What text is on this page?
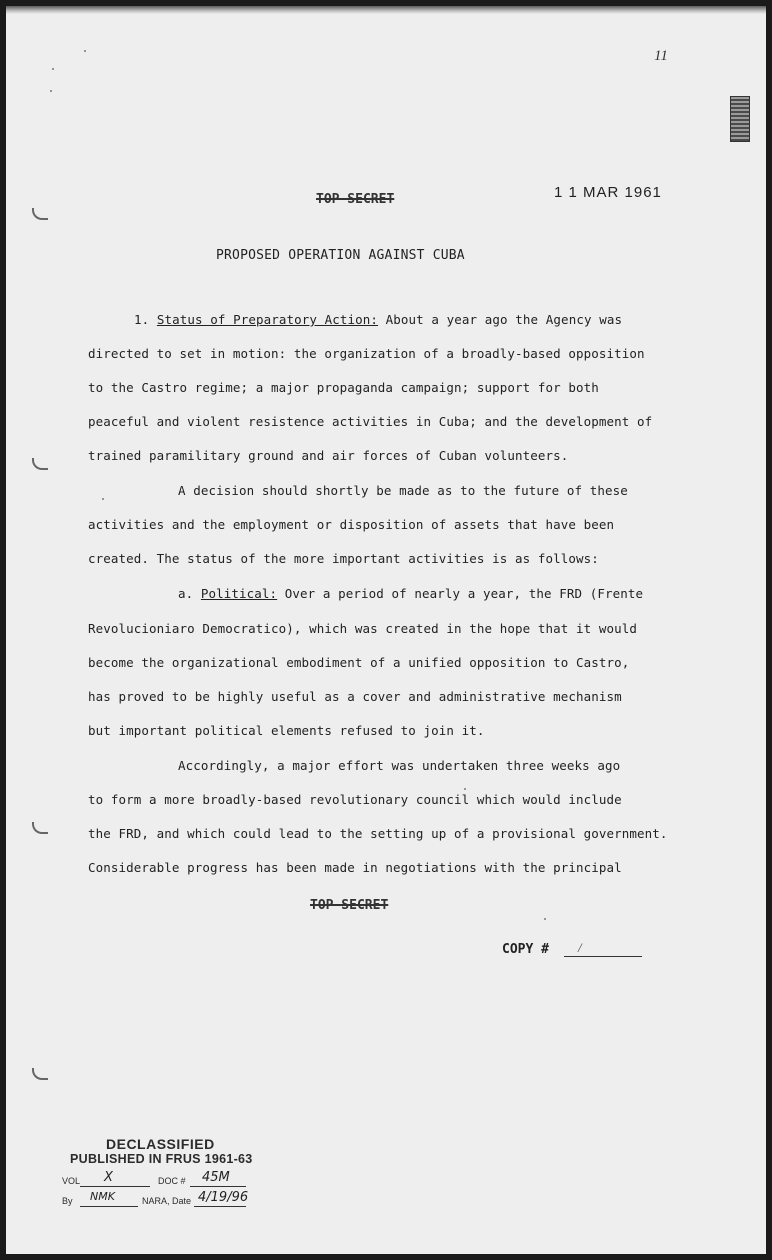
11
1 1 MAR 1961
TOP SECRET
PROPOSED OPERATION AGAINST CUBA
1. Status of Preparatory Action: About a year ago the Agency was
directed to set in motion: the organization of a broadly-based opposition
to the Castro regime; a major propaganda campaign; support for both
peaceful and violent resistence activities in Cuba; and the development of
trained paramilitary ground and air forces of Cuban volunteers.
A decision should shortly be made as to the future of these
activities and the employment or disposition of assets that have been
created. The status of the more important activities is as follows:
a. Political: Over a period of nearly a year, the FRD (Frente
Revolucioniaro Democratico), which was created in the hope that it would
become the organizational embodiment of a unified opposition to Castro,
has proved to be highly useful as a cover and administrative mechanism
but important political elements refused to join it.
Accordingly, a major effort was undertaken three weeks ago
to form a more broadly-based revolutionary council which would include
the FRD, and which could lead to the setting up of a provisional government.
Considerable progress has been made in negotiations with the principal
TOP SECRET
COPY # /
DECLASSIFIED
PUBLISHED IN FRUS 1961-63
VOL X	DOC # 45M
By NMK	NARA, Date 4/19/96
